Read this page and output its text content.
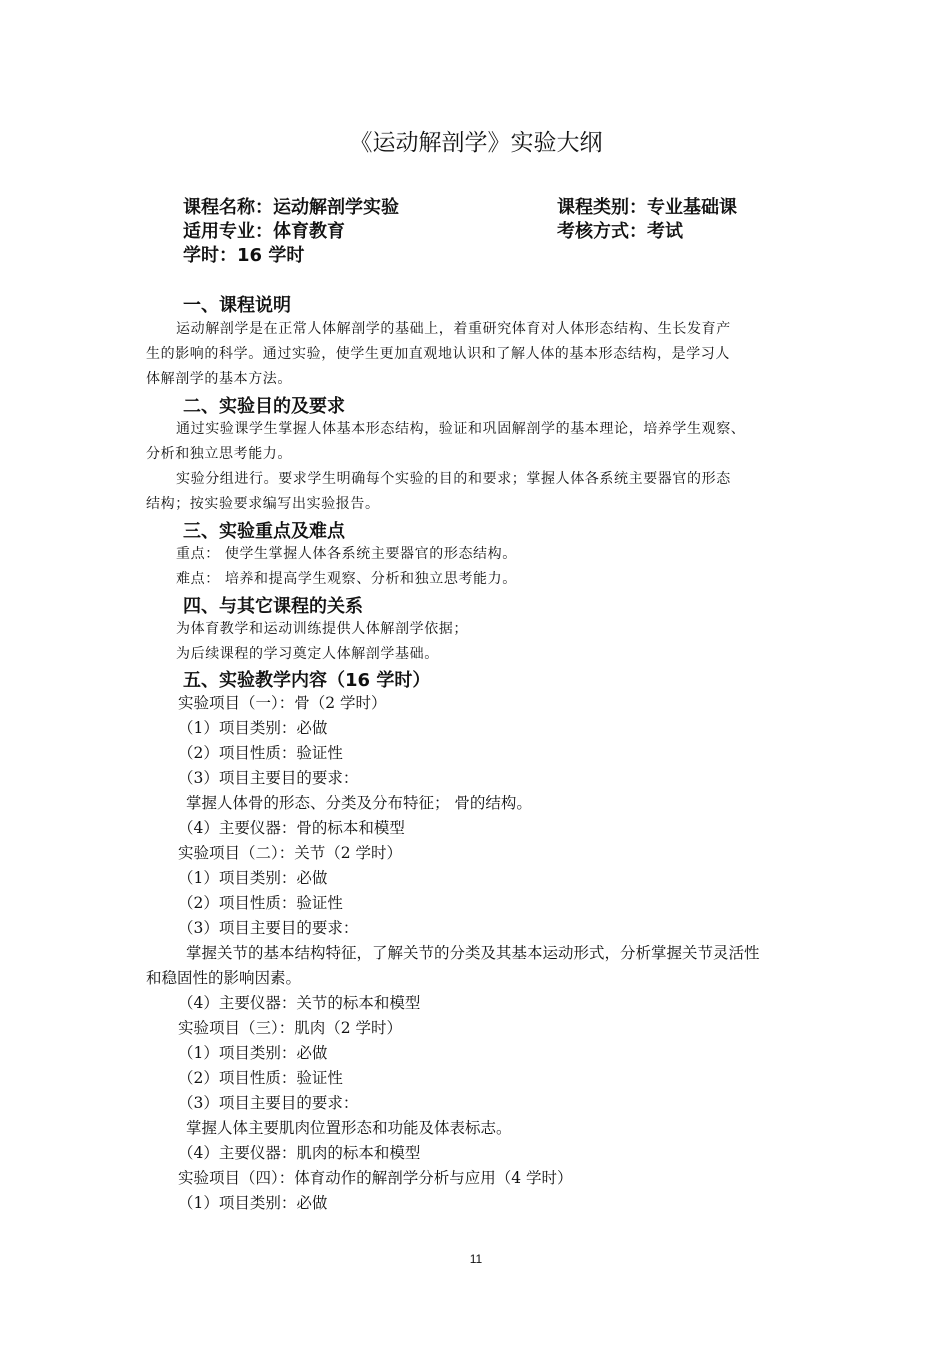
《运动解剖学》实验大纲
课程名称：运动解剖学实验	课程类别：专业基础课
适用专业：体育教育	考核方式：考试
学时：16 学时
一、课程说明
运动解剖学是在正常人体解剖学的基础上，着重研究体育对人体形态结构、生长发育产
生的影响的科学。通过实验，使学生更加直观地认识和了解人体的基本形态结构，是学习人
体解剖学的基本方法。
二、实验目的及要求
通过实验课学生掌握人体基本形态结构，验证和巩固解剖学的基本理论，培养学生观察、
分析和独立思考能力。
实验分组进行。要求学生明确每个实验的目的和要求；掌握人体各系统主要器官的形态
结构；按实验要求编写出实验报告。
三、实验重点及难点
重点： 使学生掌握人体各系统主要器官的形态结构。
难点： 培养和提高学生观察、分析和独立思考能力。
四、与其它课程的关系
为体育教学和运动训练提供人体解剖学依据；
为后续课程的学习奠定人体解剖学基础。
五、实验教学内容（16 学时）
实验项目（一）：骨（2 学时）
（1）项目类别：必做
（2）项目性质：验证性
（3）项目主要目的要求：
掌握人体骨的形态、分类及分布特征； 骨的结构。
（4）主要仪器：骨的标本和模型
实验项目（二）：关节（2 学时）
（1）项目类别：必做
（2）项目性质：验证性
（3）项目主要目的要求：
掌握关节的基本结构特征，了解关节的分类及其基本运动形式，分析掌握关节灵活性
和稳固性的影响因素。
（4）主要仪器：关节的标本和模型
实验项目（三）：肌肉（2 学时）
（1）项目类别：必做
（2）项目性质：验证性
（3）项目主要目的要求：
掌握人体主要肌肉位置形态和功能及体表标志。
（4）主要仪器：肌肉的标本和模型
实验项目（四）：体育动作的解剖学分析与应用（4 学时）
（1）项目类别：必做
11
